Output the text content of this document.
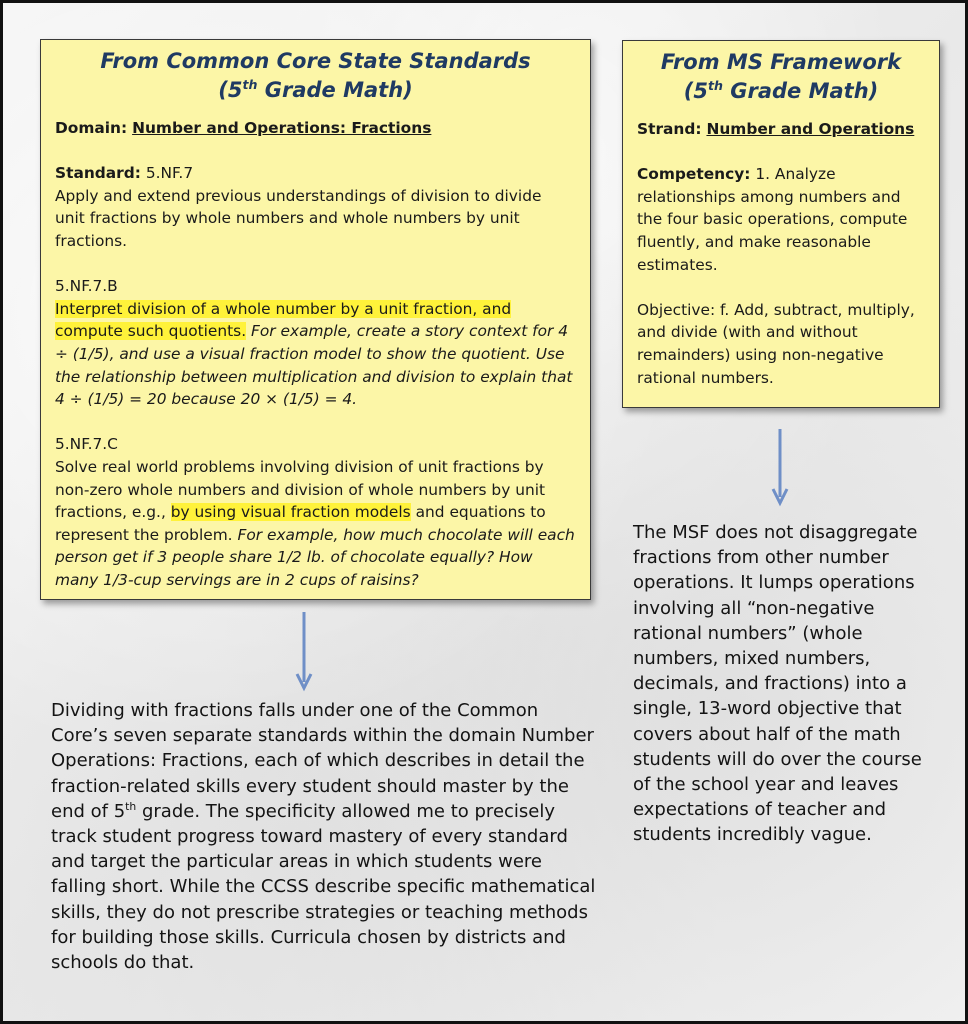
From Common Core State Standards
(5th Grade Math)

Domain: Number and Operations: Fractions

Standard: 5.NF.7

Apply and extend previous understandings of division to divide unit fractions by whole numbers and whole numbers by unit fractions.

5.NF.7.B

Interpret division of a whole number by a unit fraction, and compute such quotients. For example, create a story context for 4 ÷ (1/5), and use a visual fraction model to show the quotient. Use the relationship between multiplication and division to explain that 4 ÷ (1/5) = 20 because 20 × (1/5) = 4.

5.NF.7.C

Solve real world problems involving division of unit fractions by non-zero whole numbers and division of whole numbers by unit fractions, e.g., by using visual fraction models and equations to represent the problem. For example, how much chocolate will each person get if 3 people share 1/2 lb. of chocolate equally? How many 1/3-cup servings are in 2 cups of raisins?

From MS Framework
(5th Grade Math)

Strand: Number and Operations

Competency: 1. Analyze relationships among numbers and the four basic operations, compute fluently, and make reasonable estimates.

Objective: f. Add, subtract, multiply, and divide (with and without remainders) using non-negative rational numbers.

Dividing with fractions falls under one of the Common Core’s seven separate standards within the domain Number Operations: Fractions, each of which describes in detail the fraction-related skills every student should master by the end of 5th grade. The specificity allowed me to precisely track student progress toward mastery of every standard and target the particular areas in which students were falling short. While the CCSS describe specific mathematical skills, they do not prescribe strategies or teaching methods for building those skills. Curricula chosen by districts and schools do that.

The MSF does not disaggregate fractions from other number operations. It lumps operations involving all “non-negative rational numbers” (whole numbers, mixed numbers, decimals, and fractions) into a single, 13-word objective that covers about half of the math students will do over the course of the school year and leaves expectations of teacher and students incredibly vague.
